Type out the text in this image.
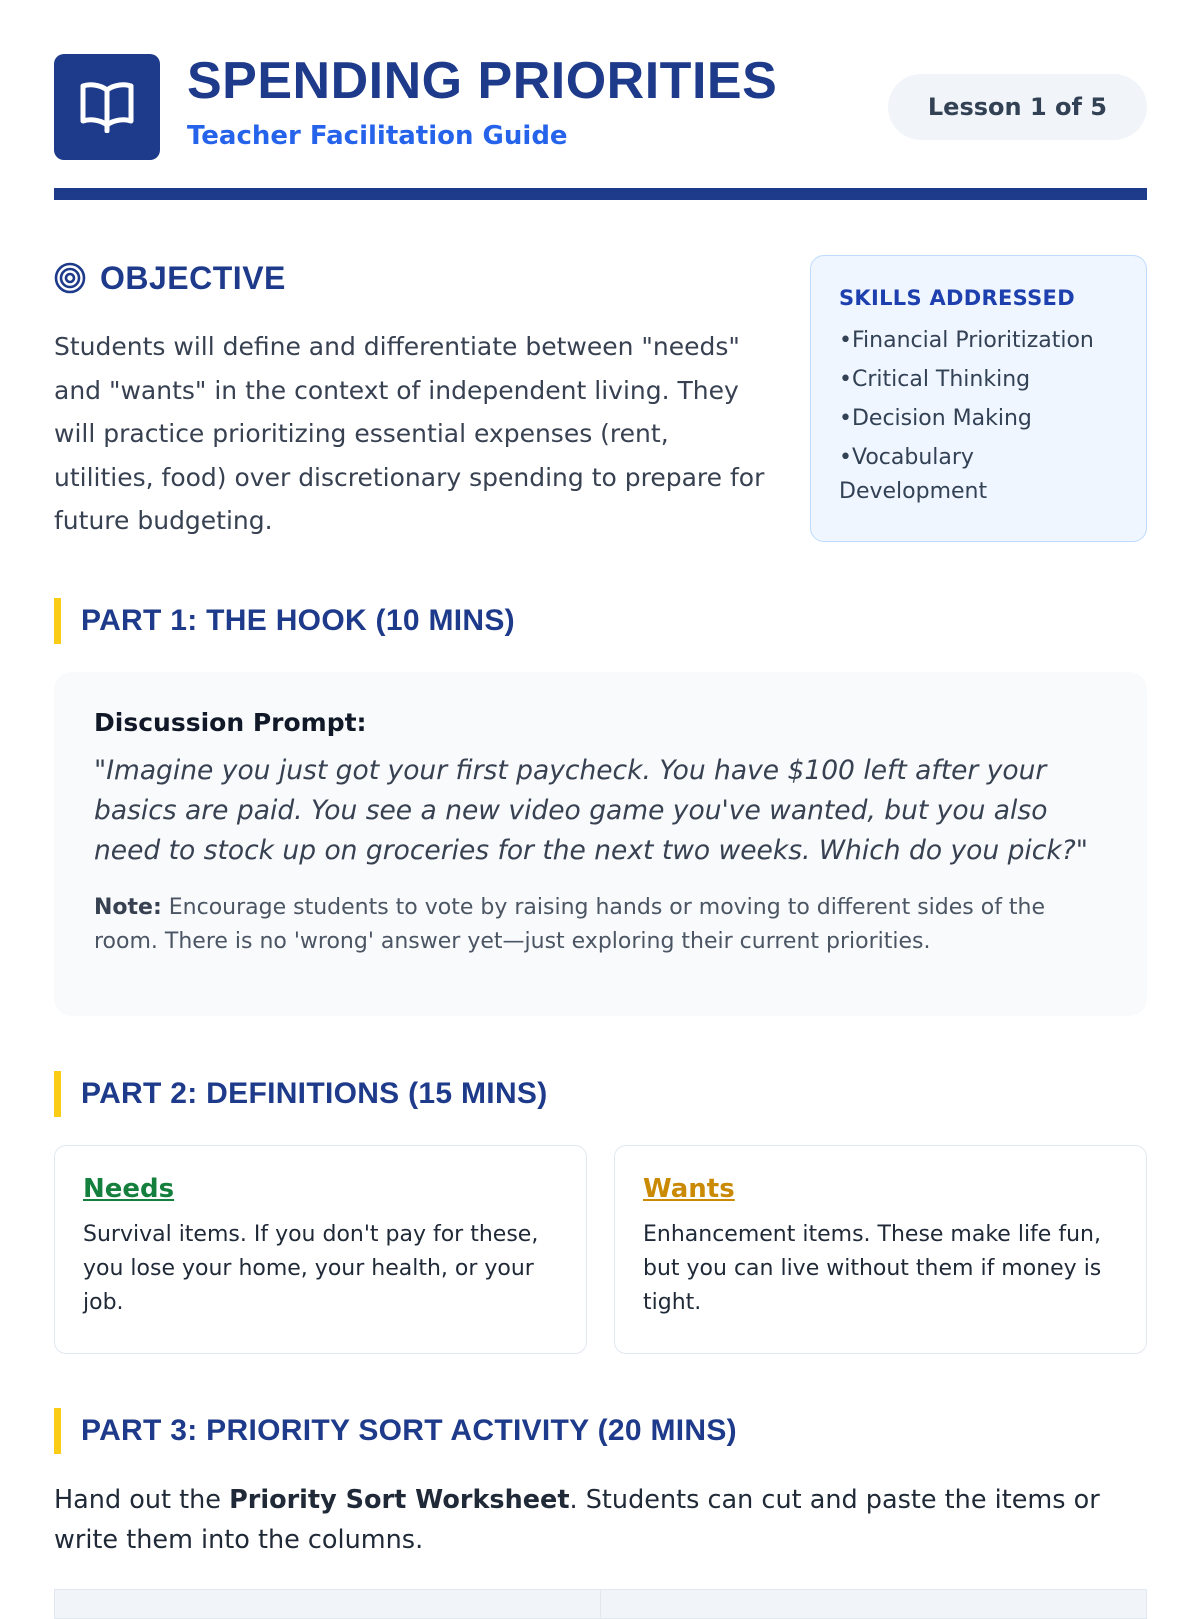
SPENDING PRIORITIES

Teacher Facilitation Guide

Lesson 1 of 5
OBJECTIVE

Students will define and differentiate between "needs" and "wants" in the context of independent living. They will practice prioritizing essential expenses (rent, utilities, food) over discretionary spending to prepare for future budgeting.

SKILLS ADDRESSED

• Financial Prioritization
• Critical Thinking
• Decision Making
• Vocabulary Development
PART 1: THE HOOK (10 MINS)

Discussion Prompt:

"Imagine you just got your first paycheck. You have $100 left after your basics are paid. You see a new video game you've wanted, but you also need to stock up on groceries for the next two weeks. Which do you pick?"

Note: Encourage students to vote by raising hands or moving to different sides of the room. There is no 'wrong' answer yet—just exploring their current priorities.

PART 2: DEFINITIONS (15 MINS)

Needs

Survival items. If you don't pay for these, you lose your home, your health, or your job.

Wants

Enhancement items. These make life fun, but you can live without them if money is tight.

PART 3: PRIORITY SORT ACTIVITY (20 MINS)

Hand out the Priority Sort Worksheet. Students can cut and paste the items or write them into the columns.
